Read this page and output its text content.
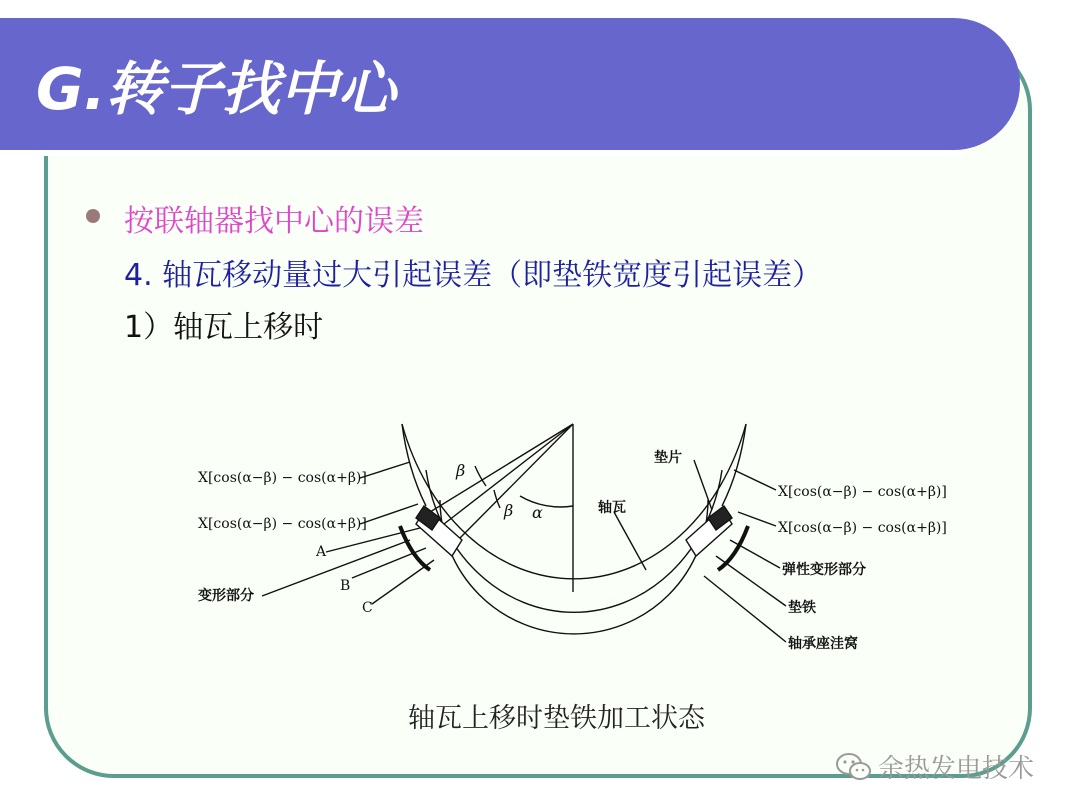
G.转子找中心
按联轴器找中心的误差
4. 轴瓦移动量过大引起误差（即垫铁宽度引起误差）
1）轴瓦上移时
X[cos(α−β) − cos(α+β)]
X[cos(α−β) − cos(α+β)]
A
B
C
变形部分
垫片
X[cos(α−β) − cos(α+β)]
X[cos(α−β) − cos(α+β)]
弹性变形部分
垫铁
轴承座洼窝
β
β α	轴瓦
轴瓦上移时垫铁加工状态
余热发电技术
